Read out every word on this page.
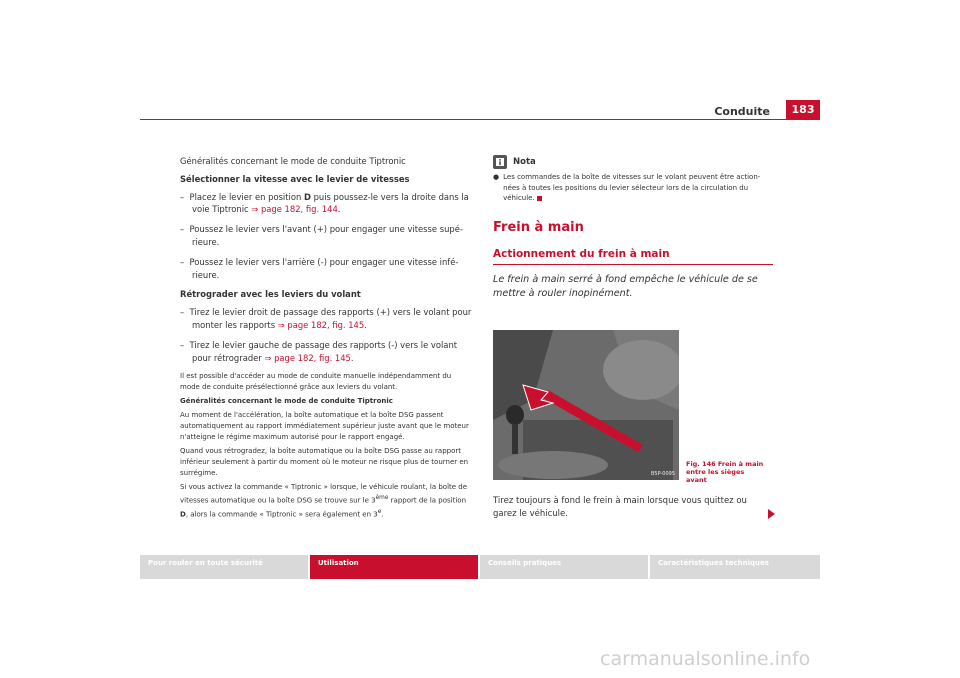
Conduite	183

Généralités concernant le mode de conduite Tiptronic

Sélectionner la vitesse avec le levier de vitesses

–  Placez le levier en position D puis poussez-le vers la droite dans la voie Tiptronic ⇒ page 182, fig. 144.

–  Poussez le levier vers l'avant (+) pour engager une vitesse supé-rieure.

–  Poussez le levier vers l'arrière (-) pour engager une vitesse infé-rieure.

Rétrograder avec les leviers du volant

–  Tirez le levier droit de passage des rapports (+) vers le volant pour monter les rapports ⇒ page 182, fig. 145.

–  Tirez le levier gauche de passage des rapports (-) vers le volant pour rétrograder ⇒ page 182, fig. 145.

Il est possible d'accéder au mode de conduite manuelle indépendamment du mode de conduite présélectionné grâce aux leviers du volant.

Généralités concernant le mode de conduite Tiptronic

Au moment de l'accélération, la boîte automatique et la boîte DSG passent automatiquement au rapport immédiatement supérieur juste avant que le moteur n'atteigne le régime maximum autorisé pour le rapport engagé.

Quand vous rétrogradez, la boîte automatique ou la boîte DSG passe au rapport inférieur seulement à partir du moment où le moteur ne risque plus de tourner en surrégime.

Si vous activez la commande « Tiptronic » lorsque, le véhicule roulant, la boîte de vitesses automatique ou la boîte DSG se trouve sur le 3ème rapport de la position D, alors la commande « Tiptronic » sera également en 3e.

Nota
● Les commandes de la boîte de vitesses sur le volant peuvent être action-nées à toutes les positions du levier sélecteur lors de la circulation du véhicule.
Frein à main
Actionnement du frein à main
Le frein à main serré à fond empêche le véhicule de se mettre à rouler inopinément.
B5P-0095
Fig. 146 Frein à main entre les sièges avant
Tirez toujours à fond le frein à main lorsque vous quittez ou garez le véhicule.
Pour rouler en toute sécurité	Utilisation	Conseils pratiques	Caractéristiques techniques
carmanualsonline.info
